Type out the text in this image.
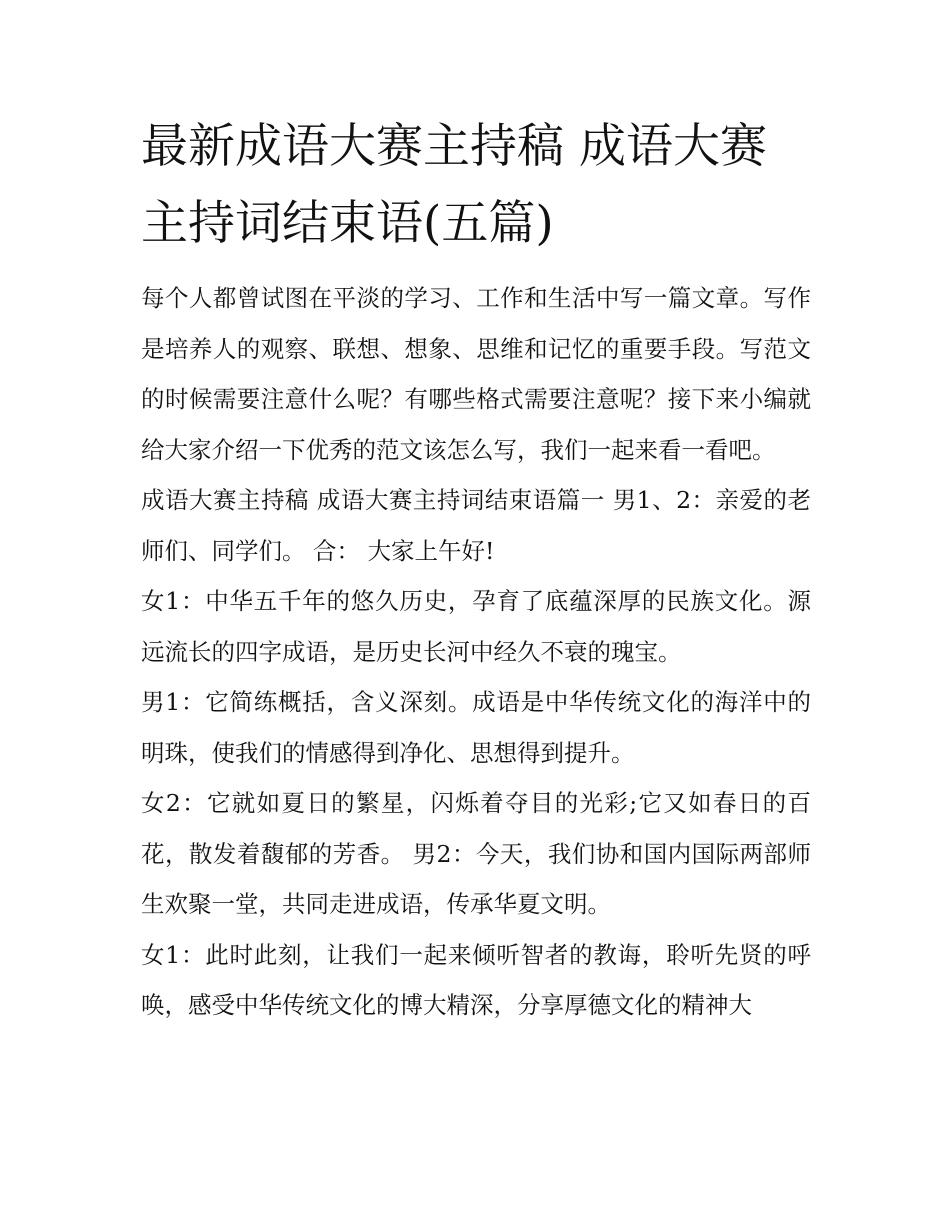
最新成语大赛主持稿 成语大赛主持词结束语(五篇)

每个人都曾试图在平淡的学习、工作和生活中写一篇文章。写作是培养人的观察、联想、想象、思维和记忆的重要手段。写范文的时候需要注意什么呢？有哪些格式需要注意呢？接下来小编就给大家介绍一下优秀的范文该怎么写，我们一起来看一看吧。

成语大赛主持稿 成语大赛主持词结束语篇一 男1、2：亲爱的老师们、同学们。 合： 大家上午好!

女1：中华五千年的悠久历史，孕育了底蕴深厚的民族文化。源远流长的四字成语，是历史长河中经久不衰的瑰宝。

男1：它简练概括，含义深刻。成语是中华传统文化的海洋中的明珠，使我们的情感得到净化、思想得到提升。

女2：它就如夏日的繁星，闪烁着夺目的光彩;它又如春日的百花，散发着馥郁的芳香。 男2：今天，我们协和国内国际两部师生欢聚一堂，共同走进成语，传承华夏文明。

女1：此时此刻，让我们一起来倾听智者的教诲，聆听先贤的呼唤，感受中华传统文化的博大精深，分享厚德文化的精神大
